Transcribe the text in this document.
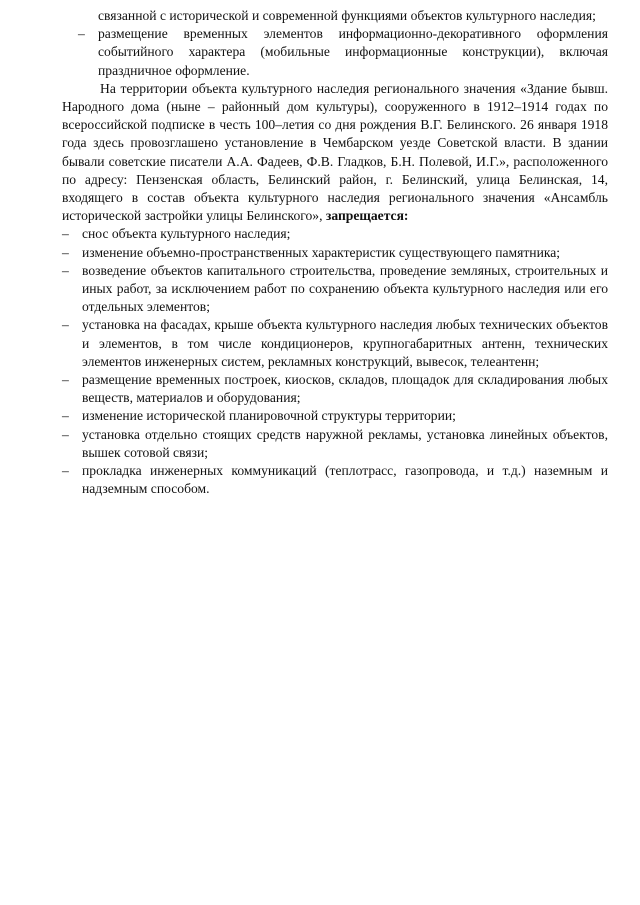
связанной с исторической и современной функциями объектов культурного наследия;
– размещение временных элементов информационно-декоративного оформления событийного характера (мобильные информационные конструкции), включая праздничное оформление.
На территории объекта культурного наследия регионального значения «Здание бывш. Народного дома (ныне – районный дом культуры), сооруженного в 1912–1914 годах по всероссийской подписке в честь 100–летия со дня рождения В.Г. Белинского. 26 января 1918 года здесь провозглашено установление в Чембарском уезде Советской власти. В здании бывали советские писатели А.А. Фадеев, Ф.В. Гладков, Б.Н. Полевой, И.Г.», расположенного по адресу: Пензенская область, Белинский район, г. Белинский, улица Белинская, 14, входящего в состав объекта культурного наследия регионального значения «Ансамбль исторической застройки улицы Белинского», запрещается:
– снос объекта культурного наследия;
– изменение объемно-пространственных характеристик существующего памятника;
– возведение объектов капитального строительства, проведение земляных, строительных и иных работ, за исключением работ по сохранению объекта культурного наследия или его отдельных элементов;
– установка на фасадах, крыше объекта культурного наследия любых технических объектов и элементов, в том числе кондиционеров, крупногабаритных антенн, технических элементов инженерных систем, рекламных конструкций, вывесок, телеантенн;
– размещение временных построек, киосков, складов, площадок для складирования любых веществ, материалов и оборудования;
– изменение исторической планировочной структуры территории;
– установка отдельно стоящих средств наружной рекламы, установка линейных объектов, вышек сотовой связи;
– прокладка инженерных коммуникаций (теплотрасс, газопровода, и т.д.) наземным и надземным способом.
